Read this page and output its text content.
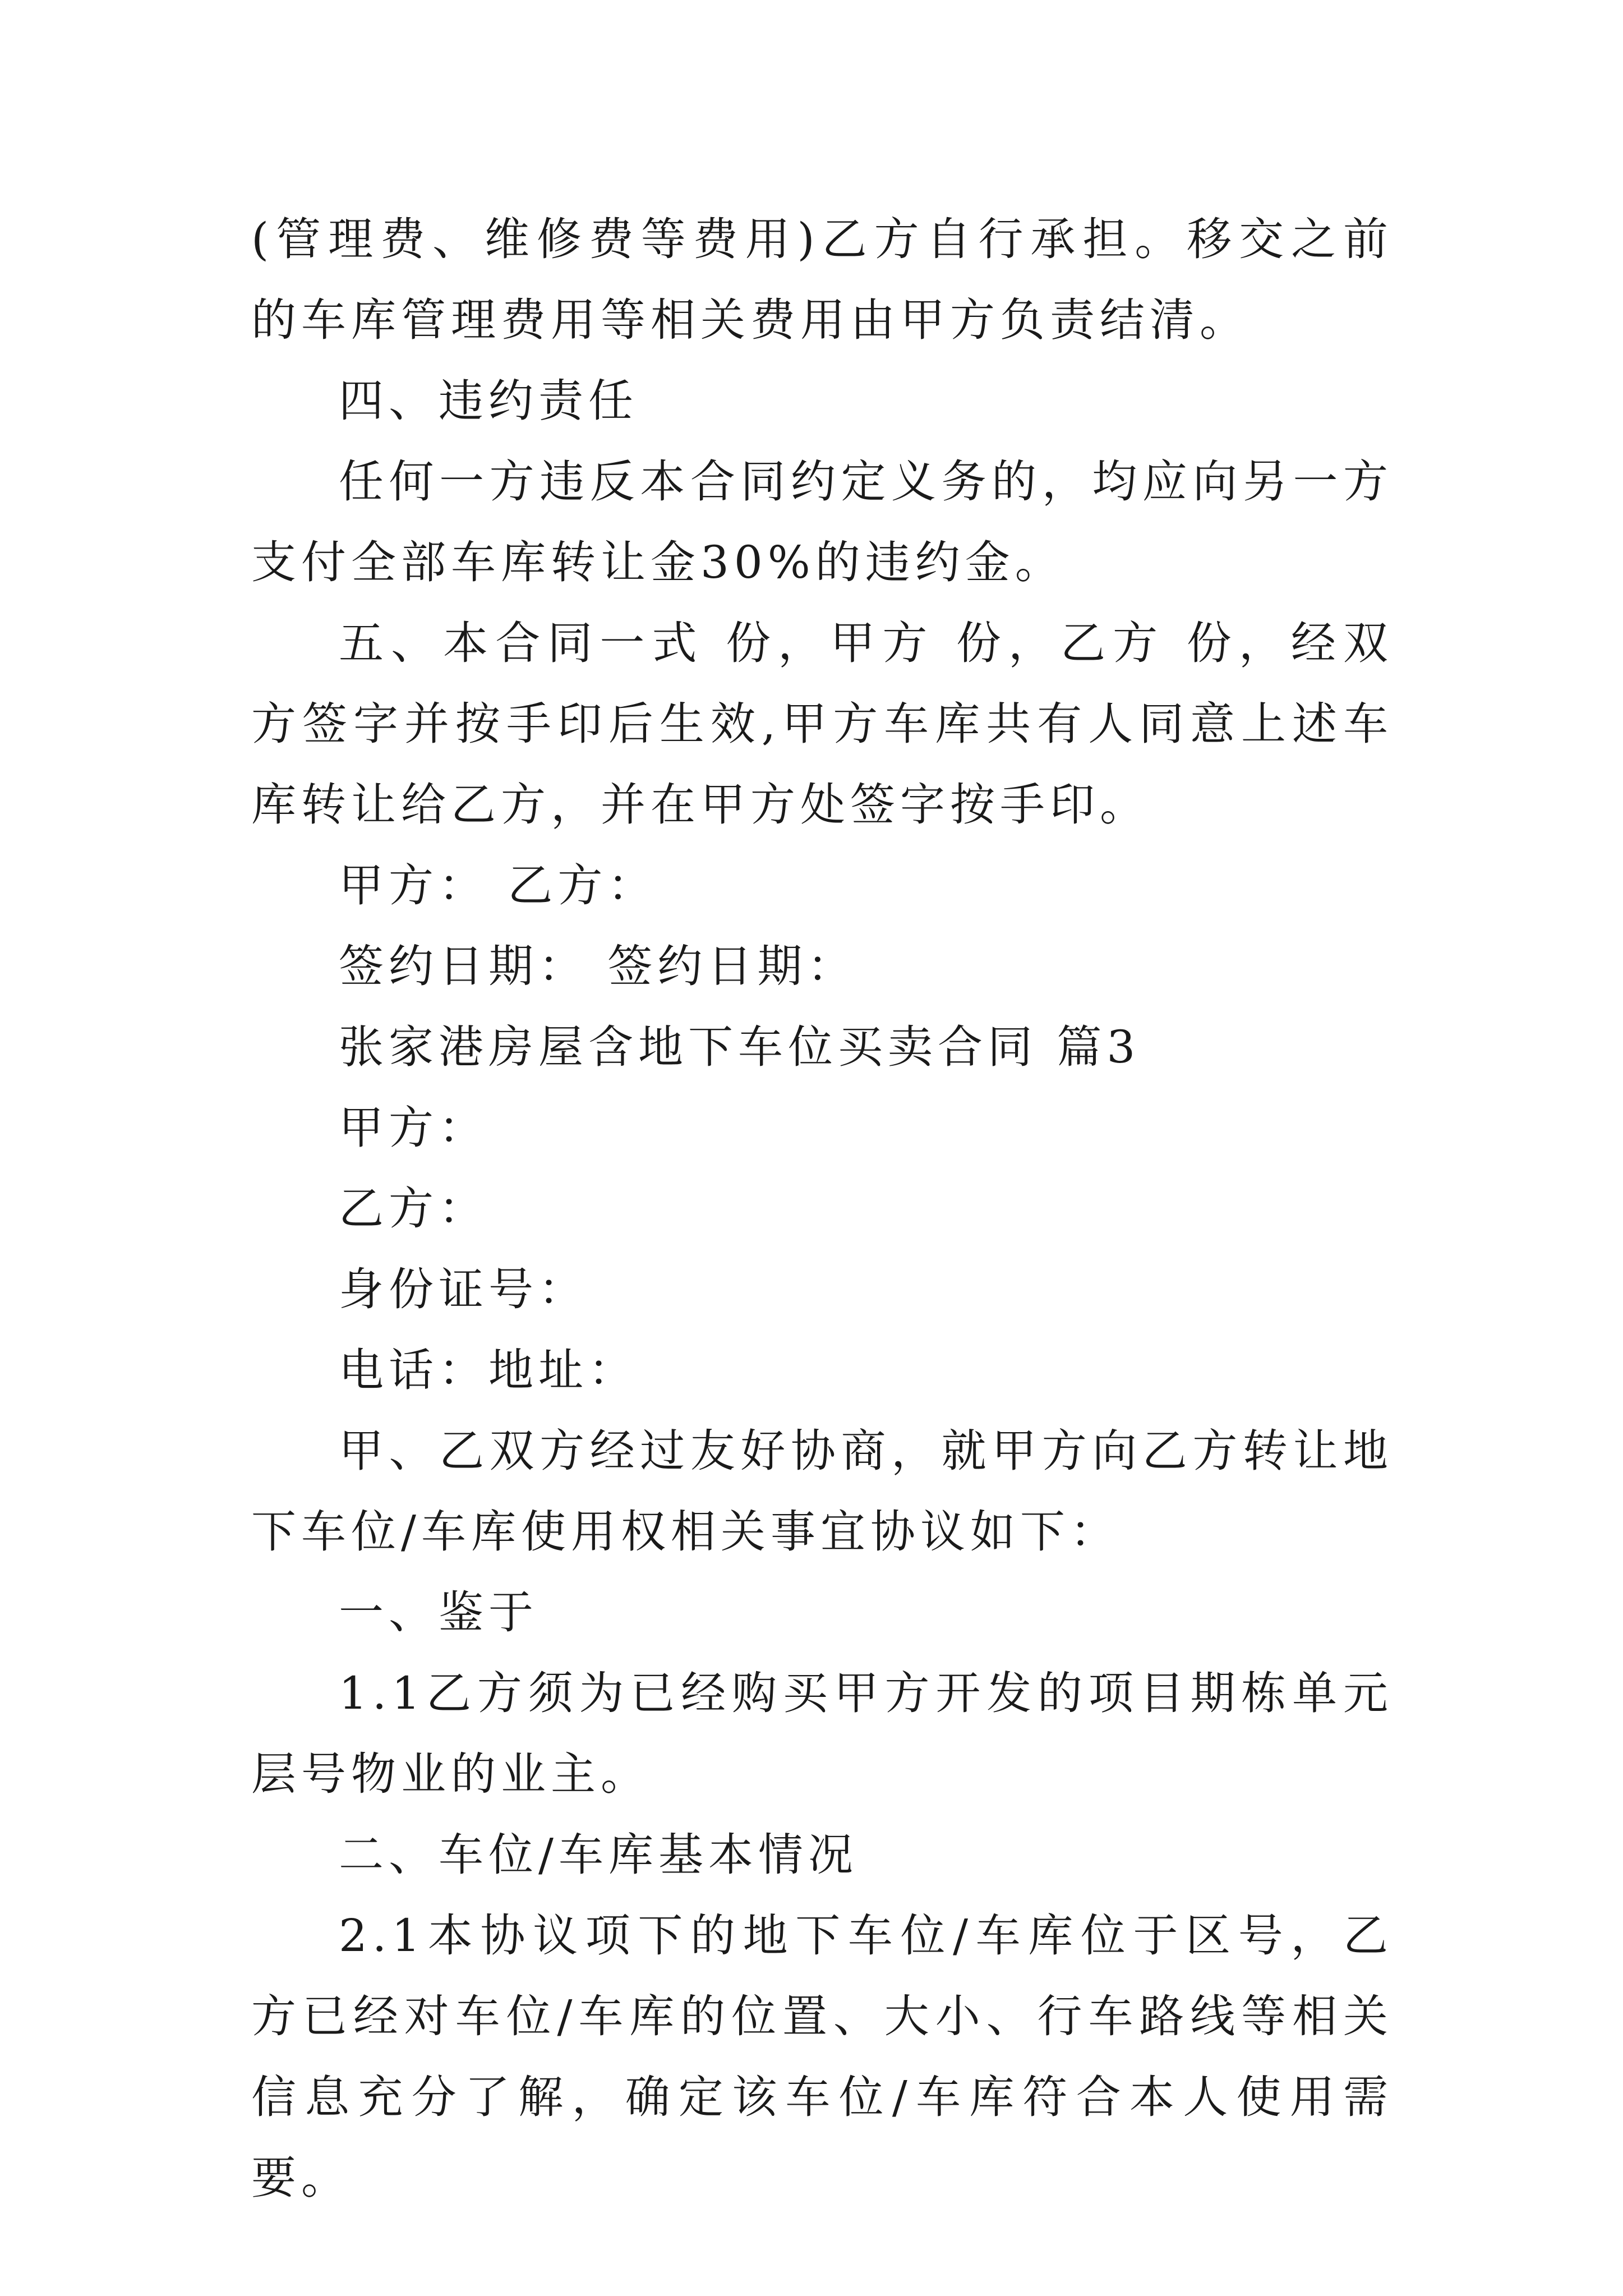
(管理费、维修费等费用)乙方自行承担。移交之前的车库管理费用等相关费用由甲方负责结清。

四、违约责任

任何一方违反本合同约定义务的，均应向另一方支付全部车库转让金30%的违约金。

五、本合同一式 份，甲方 份，乙方 份，经双方签字并按手印后生效,甲方车库共有人同意上述车库转让给乙方，并在甲方处签字按手印。

甲方： 乙方：

签约日期： 签约日期：

张家港房屋含地下车位买卖合同 篇3

甲方：

乙方：

身份证号：

电话：地址：

甲、乙双方经过友好协商，就甲方向乙方转让地下车位/车库使用权相关事宜协议如下：

一、鉴于

1.1乙方须为已经购买甲方开发的项目期栋单元层号物业的业主。

二、车位/车库基本情况

2.1本协议项下的地下车位/车库位于区号，乙方已经对车位/车库的位置、大小、行车路线等相关信息充分了解，确定该车位/车库符合本人使用需要。
